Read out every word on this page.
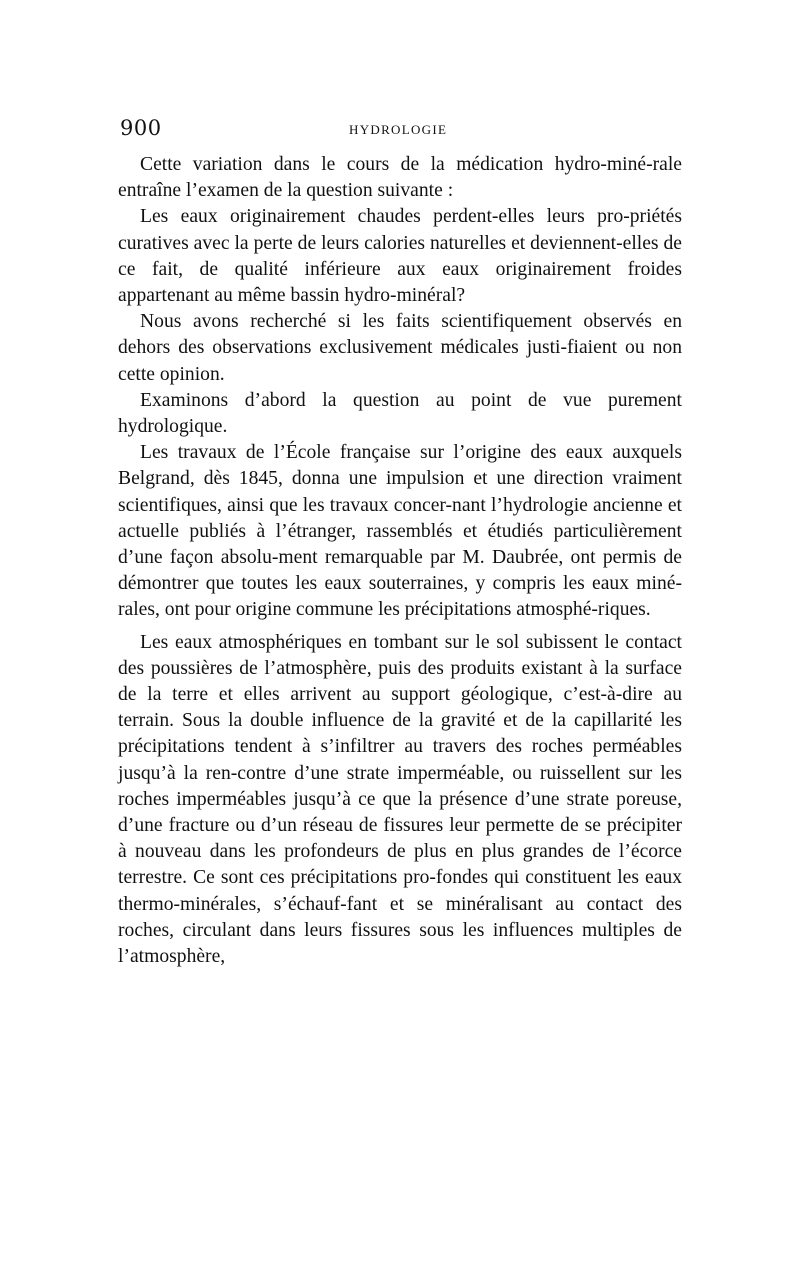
900	HYDROLOGIE

Cette variation dans le cours de la médication hydro-miné-rale entraîne l’examen de la question suivante :

Les eaux originairement chaudes perdent-elles leurs pro-priétés curatives avec la perte de leurs calories naturelles et deviennent-elles de ce fait, de qualité inférieure aux eaux originairement froides appartenant au même bassin hydro-minéral?

Nous avons recherché si les faits scientifiquement observés en dehors des observations exclusivement médicales justi-fiaient ou non cette opinion.

Examinons d’abord la question au point de vue purement hydrologique.

Les travaux de l’École française sur l’origine des eaux auxquels Belgrand, dès 1845, donna une impulsion et une direction vraiment scientifiques, ainsi que les travaux concer-nant l’hydrologie ancienne et actuelle publiés à l’étranger, rassemblés et étudiés particulièrement d’une façon absolu-ment remarquable par M. Daubrée, ont permis de démontrer que toutes les eaux souterraines, y compris les eaux miné-rales, ont pour origine commune les précipitations atmosphé-riques.

Les eaux atmosphériques en tombant sur le sol subissent le contact des poussières de l’atmosphère, puis des produits existant à la surface de la terre et elles arrivent au support géologique, c’est-à-dire au terrain. Sous la double influence de la gravité et de la capillarité les précipitations tendent à s’infiltrer au travers des roches perméables jusqu’à la ren-contre d’une strate imperméable, ou ruissellent sur les roches imperméables jusqu’à ce que la présence d’une strate poreuse, d’une fracture ou d’un réseau de fissures leur permette de se précipiter à nouveau dans les profondeurs de plus en plus grandes de l’écorce terrestre. Ce sont ces précipitations pro-fondes qui constituent les eaux thermo-minérales, s’échauf-fant et se minéralisant au contact des roches, circulant dans leurs fissures sous les influences multiples de l’atmosphère,
